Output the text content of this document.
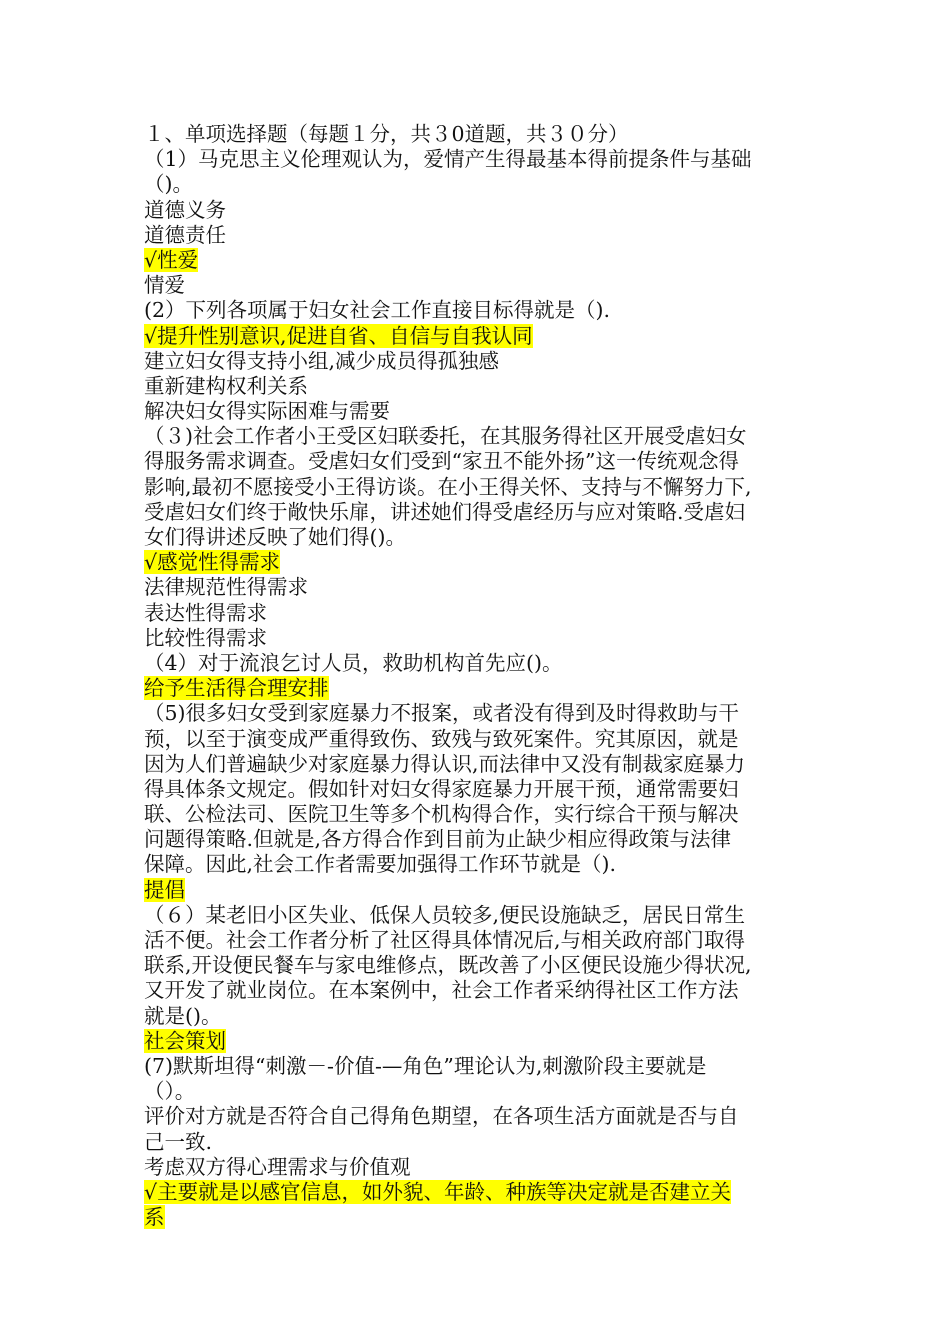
１、单项选择题（每题１分，共３0道题，共３０分）
（1）马克思主义伦理观认为，爱情产生得最基本得前提条件与基础
（)。
道德义务
道德责任
√性爱
情爱
(2）下列各项属于妇女社会工作直接目标得就是（).
√提升性别意识,促进自省、自信与自我认同
建立妇女得支持小组,减少成员得孤独感
重新建构权利关系
解决妇女得实际困难与需要
（３)社会工作者小王受区妇联委托，在其服务得社区开展受虐妇女
得服务需求调查。受虐妇女们受到“家丑不能外扬”这一传统观念得
影响,最初不愿接受小王得访谈。在小王得关怀、支持与不懈努力下,
受虐妇女们终于敞快乐扉，讲述她们得受虐经历与应对策略.受虐妇
女们得讲述反映了她们得()。
√感觉性得需求
法律规范性得需求
表达性得需求
比较性得需求
（4）对于流浪乞讨人员，救助机构首先应()。
给予生活得合理安排
（5)很多妇女受到家庭暴力不报案，或者没有得到及时得救助与干
预，以至于演变成严重得致伤、致残与致死案件。究其原因，就是
因为人们普遍缺少对家庭暴力得认识,而法律中又没有制裁家庭暴力
得具体条文规定。假如针对妇女得家庭暴力开展干预，通常需要妇
联、公检法司、医院卫生等多个机构得合作，实行综合干预与解决
问题得策略.但就是,各方得合作到目前为止缺少相应得政策与法律
保障。因此,社会工作者需要加强得工作环节就是（).
提倡
（６）某老旧小区失业、低保人员较多,便民设施缺乏，居民日常生
活不便。社会工作者分析了社区得具体情况后,与相关政府部门取得
联系,开设便民餐车与家电维修点，既改善了小区便民设施少得状况,
又开发了就业岗位。在本案例中，社会工作者采纳得社区工作方法
就是()。
社会策划
(7)默斯坦得“刺激－-价值-—角色”理论认为,刺激阶段主要就是
（）。
评价对方就是否符合自己得角色期望，在各项生活方面就是否与自
己一致.
考虑双方得心理需求与价值观
√主要就是以感官信息，如外貌、年龄、种族等决定就是否建立关
系
